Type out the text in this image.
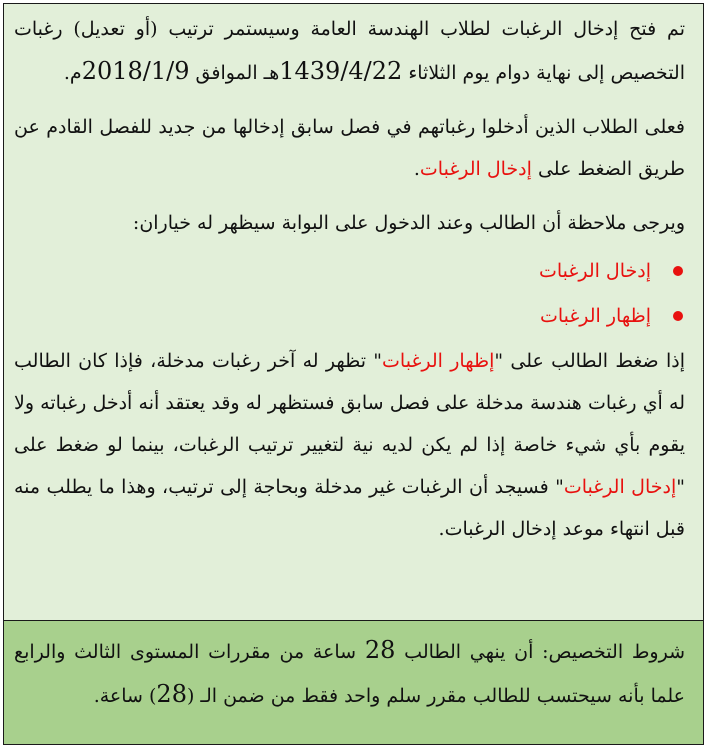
تم فتح إدخال الرغبات لطلاب الهندسة العامة وسيستمر ترتيب (أو تعديل) رغبات التخصيص إلى نهاية دوام يوم الثلاثاء 1439/4/22هـ الموافق 2018/1/9م.

فعلى الطلاب الذين أدخلوا رغباتهم في فصل سابق إدخالها من جديد للفصل القادم عن طريق الضغط على إدخال الرغبات.

ويرجى ملاحظة أن الطالب وعند الدخول على البوابة سيظهر له خياران:

إدخال الرغبات
إظهار الرغبات

إذا ضغط الطالب على "إظهار الرغبات" تظهر له آخر رغبات مدخلة، فإذا كان الطالب له أي رغبات هندسة مدخلة على فصل سابق فستظهر له وقد يعتقد أنه أدخل رغباته ولا يقوم بأي شيء خاصة إذا لم يكن لديه نية لتغيير ترتيب الرغبات، بينما لو ضغط على "إدخال الرغبات" فسيجد أن الرغبات غير مدخلة وبحاجة إلى ترتيب، وهذا ما يطلب منه قبل انتهاء موعد إدخال الرغبات.

شروط التخصيص: أن ينهي الطالب 28 ساعة من مقررات المستوى الثالث والرابع علما بأنه سيحتسب للطالب مقرر سلم واحد فقط من ضمن الـ (28) ساعة.
